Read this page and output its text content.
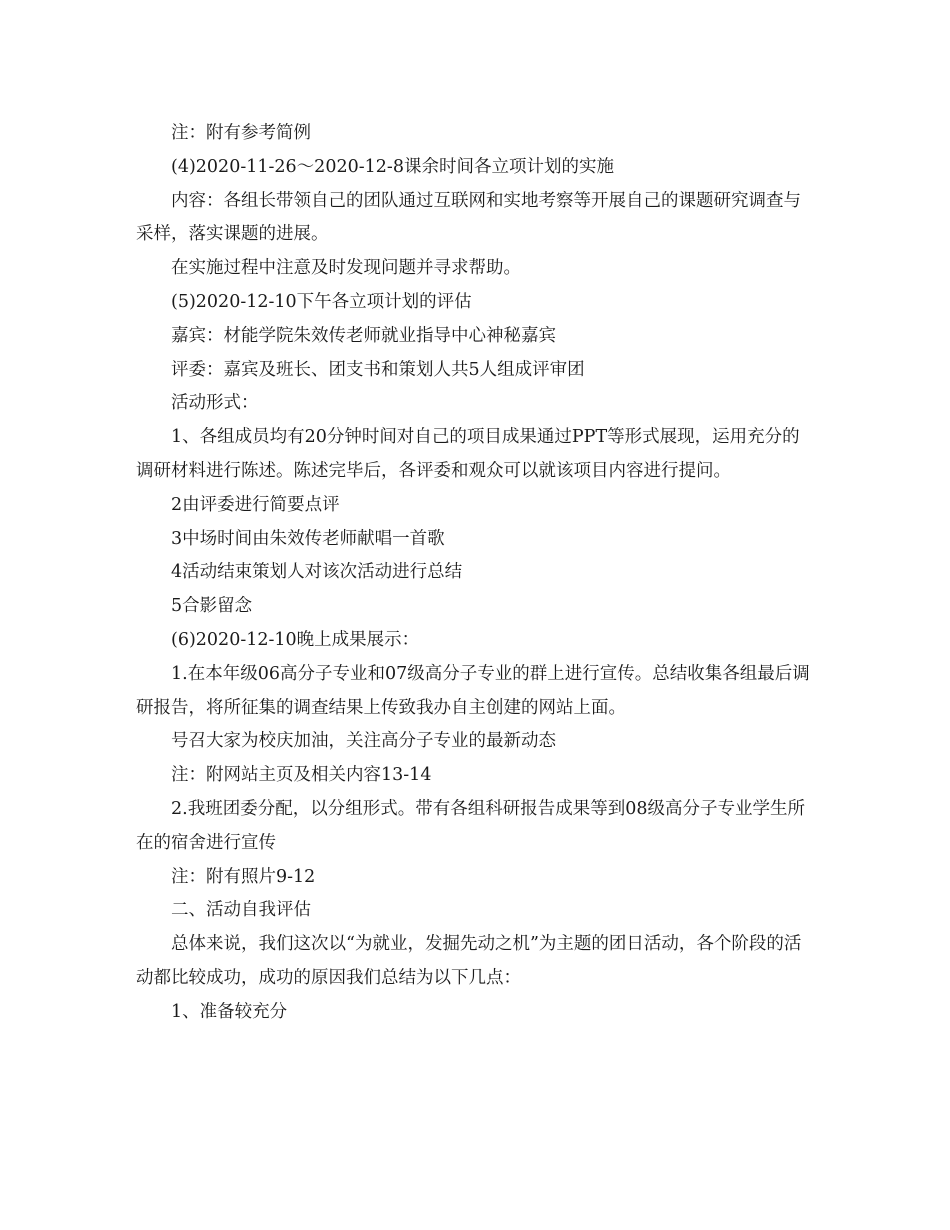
注：附有参考简例

(4)2020-11-26～2020-12-8课余时间各立项计划的实施

内容：各组长带领自己的团队通过互联网和实地考察等开展自己的课题研究调查与采样，落实课题的进展。

在实施过程中注意及时发现问题并寻求帮助。

(5)2020-12-10下午各立项计划的评估

嘉宾：材能学院朱效传老师就业指导中心神秘嘉宾

评委：嘉宾及班长、团支书和策划人共5人组成评审团

活动形式：

1、各组成员均有20分钟时间对自己的项目成果通过PPT等形式展现，运用充分的调研材料进行陈述。陈述完毕后，各评委和观众可以就该项目内容进行提问。

2由评委进行简要点评

3中场时间由朱效传老师献唱一首歌

4活动结束策划人对该次活动进行总结

5合影留念

(6)2020-12-10晚上成果展示：

1.在本年级06高分子专业和07级高分子专业的群上进行宣传。总结收集各组最后调研报告，将所征集的调查结果上传致我办自主创建的网站上面。

号召大家为校庆加油，关注高分子专业的最新动态

注：附网站主页及相关内容13-14

2.我班团委分配，以分组形式。带有各组科研报告成果等到08级高分子专业学生所在的宿舍进行宣传

注：附有照片9-12

二、活动自我评估

总体来说，我们这次以“为就业，发掘先动之机”为主题的团日活动，各个阶段的活动都比较成功，成功的原因我们总结为以下几点：

1、准备较充分
